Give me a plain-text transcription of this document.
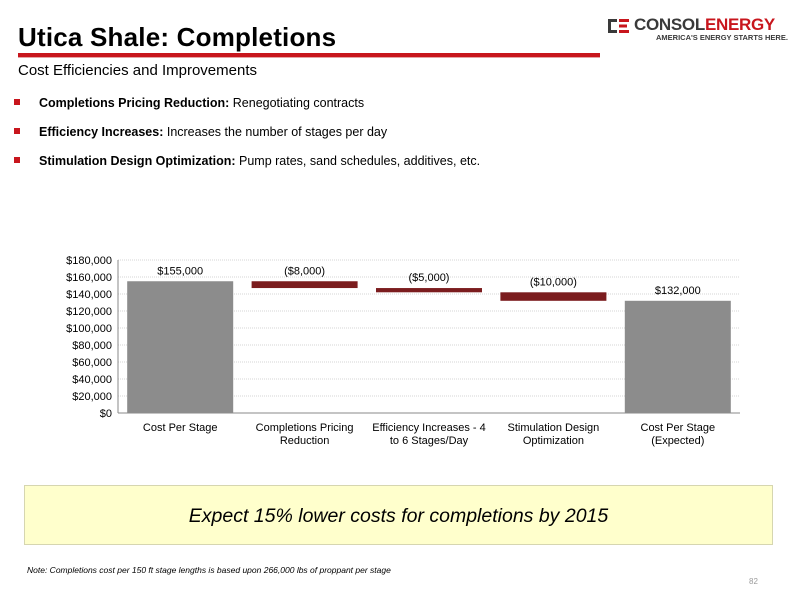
Utica Shale: Completions
Cost Efficiencies and Improvements
CONSOLENERGY
AMERICA'S ENERGY STARTS HERE.
Completions Pricing Reduction: Renegotiating contracts
Efficiency Increases: Increases the number of stages per day
Stimulation Design Optimization: Pump rates, sand schedules, additives, etc.
$0
$20,000
$40,000
$60,000
$80,000
$100,000
$120,000
$140,000
$160,000
$180,000
$155,000	($8,000)
($5,000)	($10,000)
$132,000
Cost Per Stage	Completions Pricing
Reduction
Efficiency Increases - 4
to 6 Stages/Day
Stimulation Design
Optimization
Cost Per Stage
(Expected)
Expect 15% lower costs for completions by 2015
Note: Completions cost per 150 ft stage lengths is based upon 266,000 lbs of proppant per stage
82
